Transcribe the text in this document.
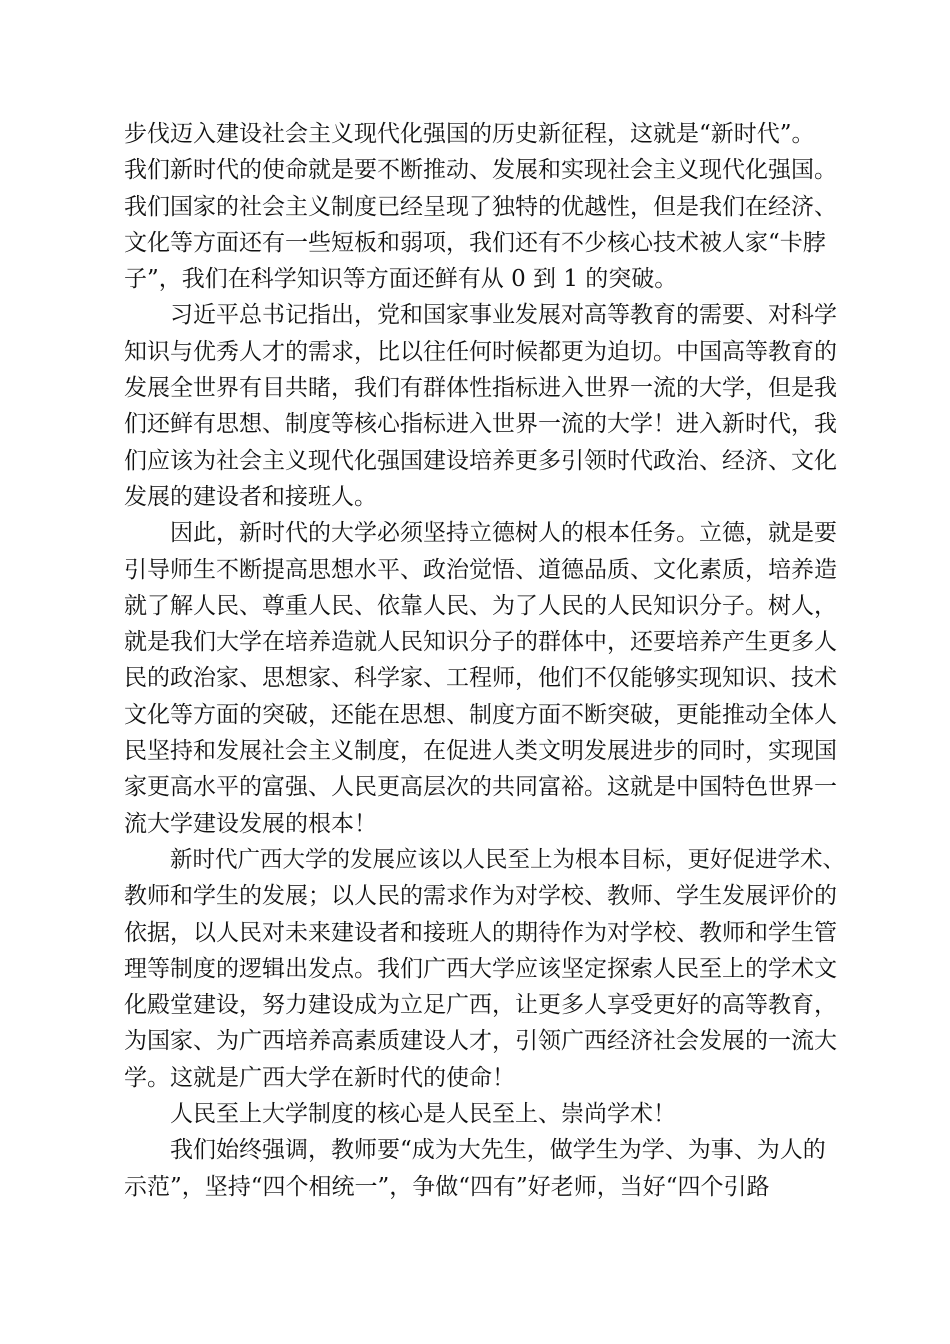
步伐迈入建设社会主义现代化强国的历史新征程，这就是“新时代”。
我们新时代的使命就是要不断推动、发展和实现社会主义现代化强国。
我们国家的社会主义制度已经呈现了独特的优越性，但是我们在经济、
文化等方面还有一些短板和弱项，我们还有不少核心技术被人家“卡脖
子”，我们在科学知识等方面还鲜有从 0 到 1 的突破。
习近平总书记指出，党和国家事业发展对高等教育的需要、对科学
知识与优秀人才的需求，比以往任何时候都更为迫切。中国高等教育的
发展全世界有目共睹，我们有群体性指标进入世界一流的大学，但是我
们还鲜有思想、制度等核心指标进入世界一流的大学！进入新时代，我
们应该为社会主义现代化强国建设培养更多引领时代政治、经济、文化
发展的建设者和接班人。
因此，新时代的大学必须坚持立德树人的根本任务。立德，就是要
引导师生不断提高思想水平、政治觉悟、道德品质、文化素质，培养造
就了解人民、尊重人民、依靠人民、为了人民的人民知识分子。树人，
就是我们大学在培养造就人民知识分子的群体中，还要培养产生更多人
民的政治家、思想家、科学家、工程师，他们不仅能够实现知识、技术
文化等方面的突破，还能在思想、制度方面不断突破，更能推动全体人
民坚持和发展社会主义制度，在促进人类文明发展进步的同时，实现国
家更高水平的富强、人民更高层次的共同富裕。这就是中国特色世界一
流大学建设发展的根本！
新时代广西大学的发展应该以人民至上为根本目标，更好促进学术、
教师和学生的发展；以人民的需求作为对学校、教师、学生发展评价的
依据，以人民对未来建设者和接班人的期待作为对学校、教师和学生管
理等制度的逻辑出发点。我们广西大学应该坚定探索人民至上的学术文
化殿堂建设，努力建设成为立足广西，让更多人享受更好的高等教育，
为国家、为广西培养高素质建设人才，引领广西经济社会发展的一流大
学。这就是广西大学在新时代的使命！
人民至上大学制度的核心是人民至上、崇尚学术！
我们始终强调，教师要“成为大先生，做学生为学、为事、为人的
示范”，坚持“四个相统一”，争做“四有”好老师，当好“四个引路
